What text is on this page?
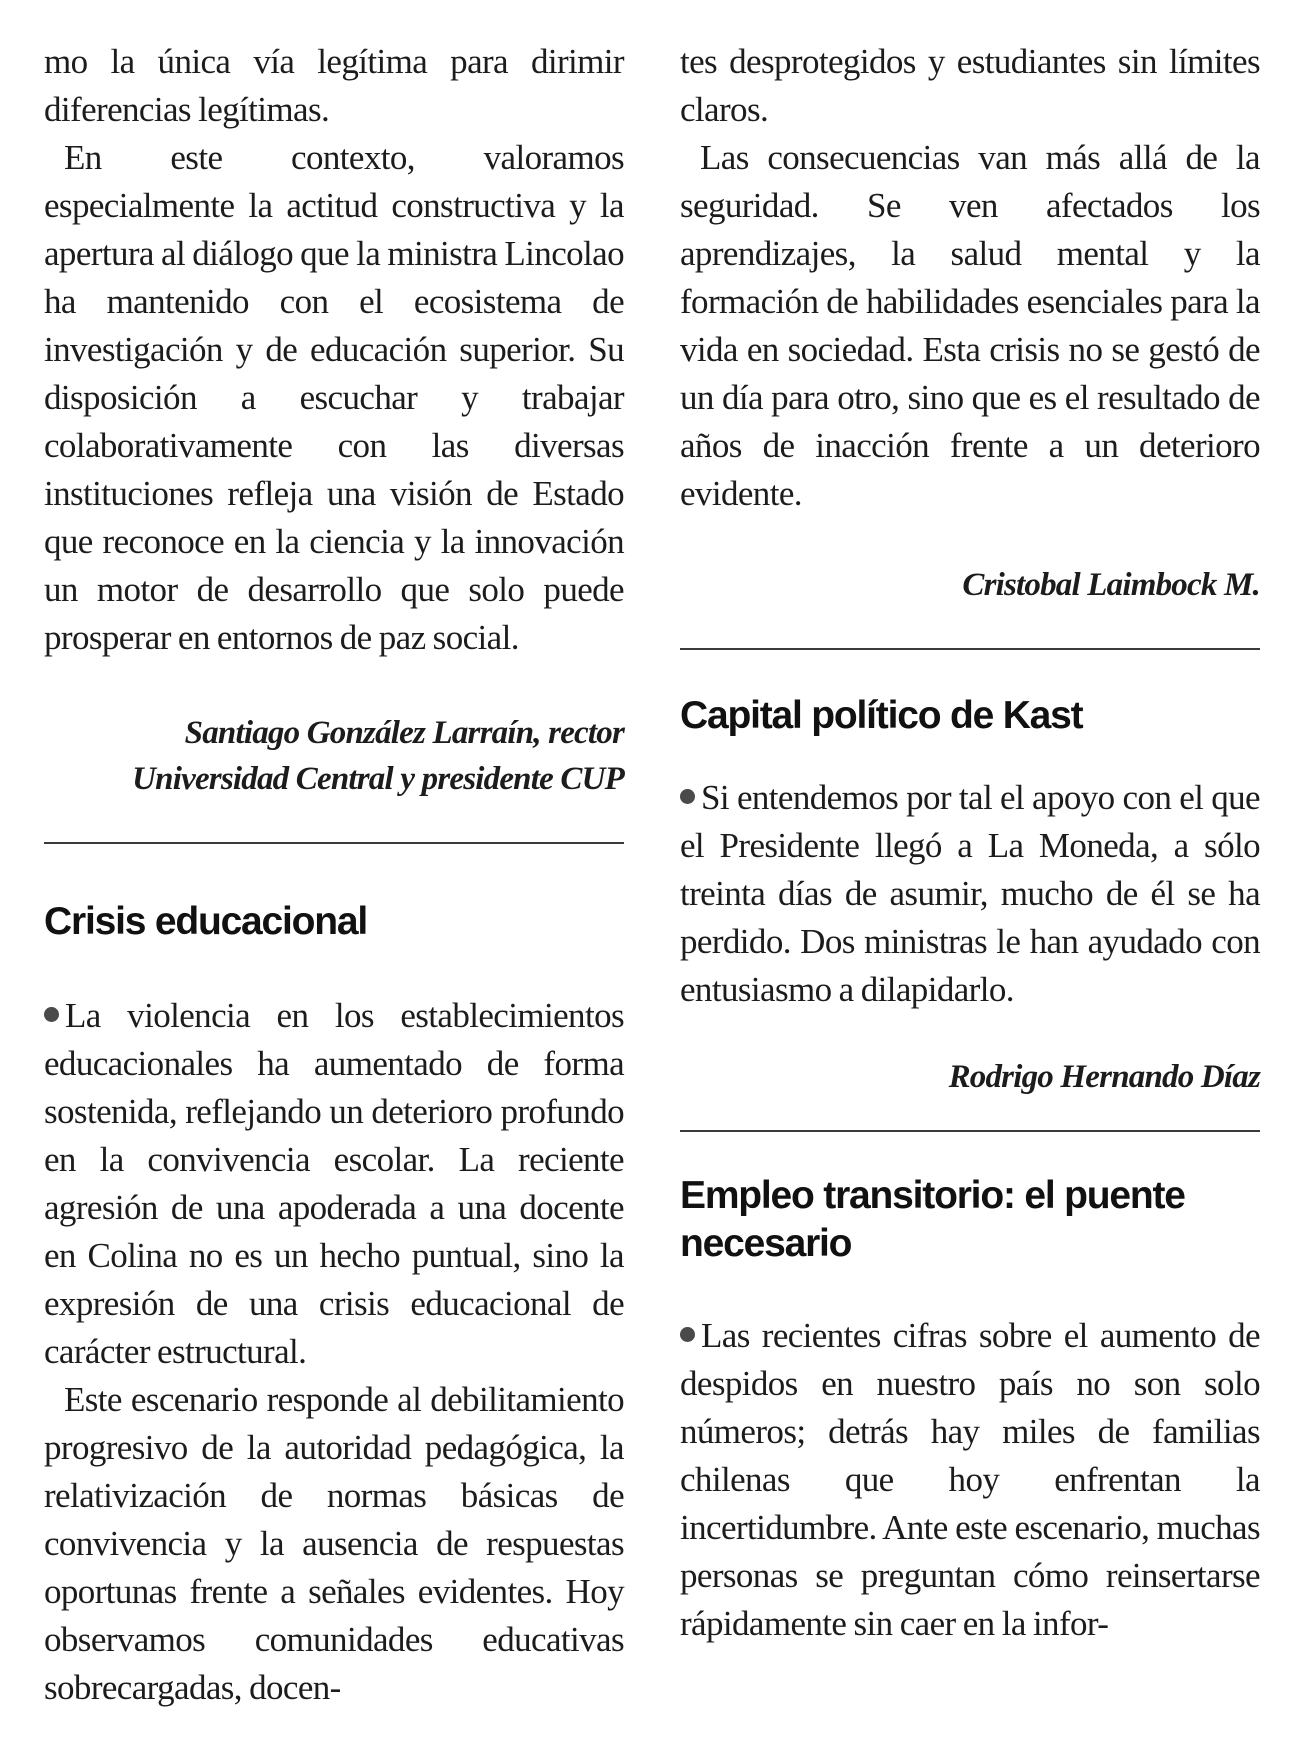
mo la única vía legítima para dirimir diferencias legítimas.

En este contexto, valoramos especialmente la actitud constructiva y la apertura al diálogo que la ministra Lincolao ha mantenido con el ecosistema de investigación y de educación superior. Su disposición a escuchar y trabajar colaborativamente con las diversas instituciones refleja una visión de Estado que reconoce en la ciencia y la innovación un motor de desarrollo que solo puede prosperar en entornos de paz social.

Santiago González Larraín, rector

Universidad Central y presidente CUP

Crisis educacional

La violencia en los establecimientos educacionales ha aumentado de forma sostenida, reflejando un deterioro profundo en la convivencia escolar. La reciente agresión de una apoderada a una docente en Colina no es un hecho puntual, sino la expresión de una crisis educacional de carácter estructural.

Este escenario responde al debilitamiento progresivo de la autoridad pedagógica, la relativización de normas básicas de convivencia y la ausencia de respuestas oportunas frente a señales evidentes. Hoy observamos comunidades educativas sobrecargadas, docen-

tes desprotegidos y estudiantes sin límites claros.

Las consecuencias van más allá de la seguridad. Se ven afectados los aprendizajes, la salud mental y la formación de habilidades esenciales para la vida en sociedad. Esta crisis no se gestó de un día para otro, sino que es el resultado de años de inacción frente a un deterioro evidente.

Cristobal Laimbock M.

Capital político de Kast

Si entendemos por tal el apoyo con el que el Presidente llegó a La Moneda, a sólo treinta días de asumir, mucho de él se ha perdido. Dos ministras le han ayudado con entusiasmo a dilapidarlo.

Rodrigo Hernando Díaz

Empleo transitorio: el puente necesario

Las recientes cifras sobre el aumento de despidos en nuestro país no son solo números; detrás hay miles de familias chilenas que hoy enfrentan la incertidumbre. Ante este escenario, muchas personas se preguntan cómo reinsertarse rápidamente sin caer en la infor-
